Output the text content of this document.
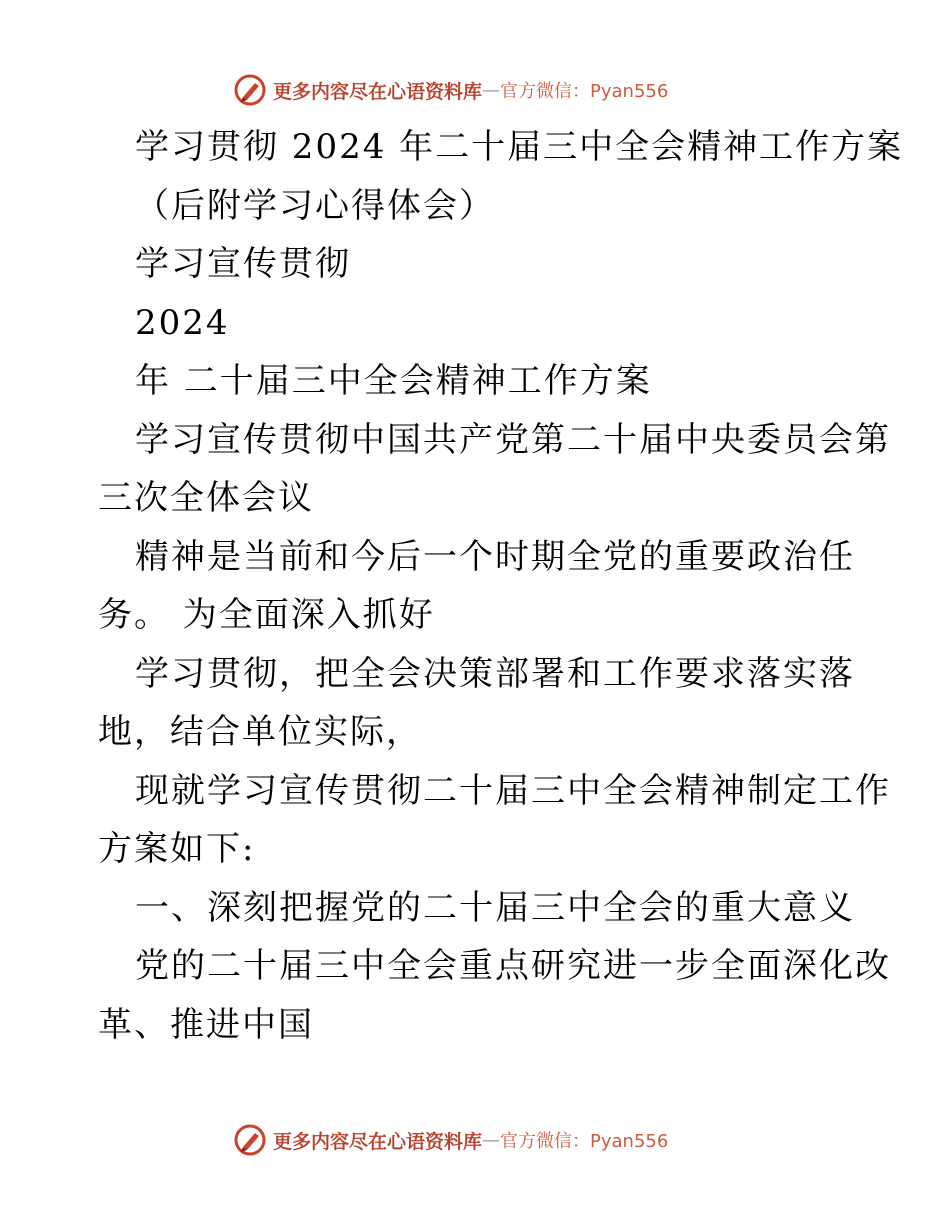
更多内容尽在心语资料库 — 官方微信：Pyan556
学习贯彻 2024 年二十届三中全会精神工作方案
（后附学习心得体会）
学习宣传贯彻
2024
年 二十届三中全会精神工作方案
学习宣传贯彻中国共产党第二十届中央委员会第
三次全体会议
精神是当前和今后一个时期全党的重要政治任
务。 为全面深入抓好
学习贯彻，把全会决策部署和工作要求落实落
地，结合单位实际，
现就学习宣传贯彻二十届三中全会精神制定工作
方案如下:
一、深刻把握党的二十届三中全会的重大意义
党的二十届三中全会重点研究进一步全面深化改
革、推进中国
更多内容尽在心语资料库 — 官方微信：Pyan556
